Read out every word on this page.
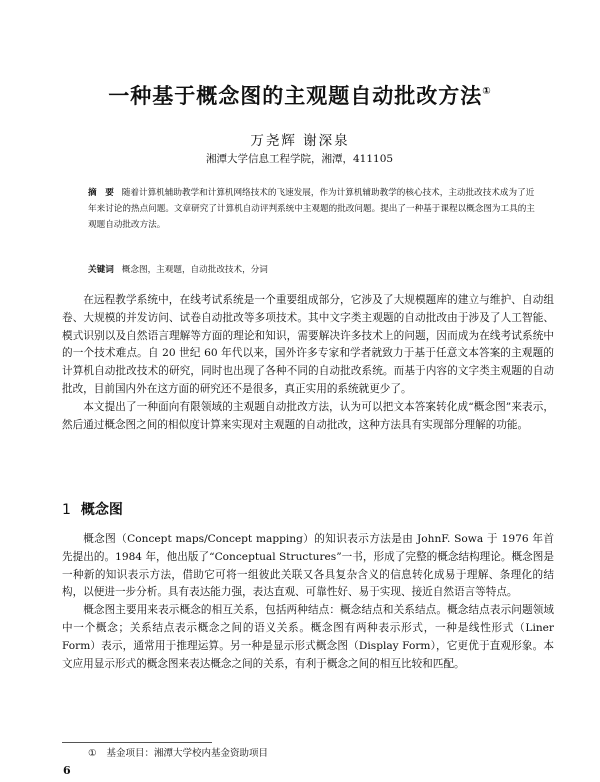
一种基于概念图的主观题自动批改方法①
万尧辉 谢深泉
湘潭大学信息工程学院，湘潭，411105
摘　要 随着计算机辅助教学和计算机网络技术的飞速发展，作为计算机辅助教学的核心技术，主动批改技术成为了近年来讨论的热点问题。文章研究了计算机自动评判系统中主观题的批改问题。提出了一种基于课程以概念图为工具的主观题自动批改方法。
关键词 概念图，主观题，自动批改技术，分词

在远程教学系统中，在线考试系统是一个重要组成部分，它涉及了大规模题库的建立与维护、自动组卷、大规模的并发访问、试卷自动批改等多项技术。其中文字类主观题的自动批改由于涉及了人工智能、模式识别以及自然语言理解等方面的理论和知识，需要解决许多技术上的问题，因而成为在线考试系统中的一个技术难点。自 20 世纪 60 年代以来，国外许多专家和学者就致力于基于任意文本答案的主观题的计算机自动批改技术的研究，同时也出现了各种不同的自动批改系统。而基于内容的文字类主观题的自动批改，目前国内外在这方面的研究还不是很多，真正实用的系统就更少了。

本文提出了一种面向有限领域的主观题自动批改方法，认为可以把文本答案转化成“概念图”来表示，然后通过概念图之间的相似度计算来实现对主观题的自动批改，这种方法具有实现部分理解的功能。

1 概念图

概念图（Concept maps/Concept mapping）的知识表示方法是由 JohnF. Sowa 于 1976 年首先提出的。1984 年，他出版了“Conceptual Structures”一书，形成了完整的概念结构理论。概念图是一种新的知识表示方法，借助它可将一组彼此关联又各具复杂含义的信息转化成易于理解、条理化的结构，以便进一步分析。具有表达能力强，表达直观、可靠性好、易于实现、接近自然语言等特点。

概念图主要用来表示概念的相互关系，包括两种结点：概念结点和关系结点。概念结点表示问题领域中一个概念；关系结点表示概念之间的语义关系。概念图有两种表示形式，一种是线性形式（Liner Form）表示，通常用于推理运算。另一种是显示形式概念图（Display Form），它更优于直观形象。本文应用显示形式的概念图来表达概念之间的关系，有利于概念之间的相互比较和匹配。

① 基金项目：湘潭大学校内基金资助项目
6
